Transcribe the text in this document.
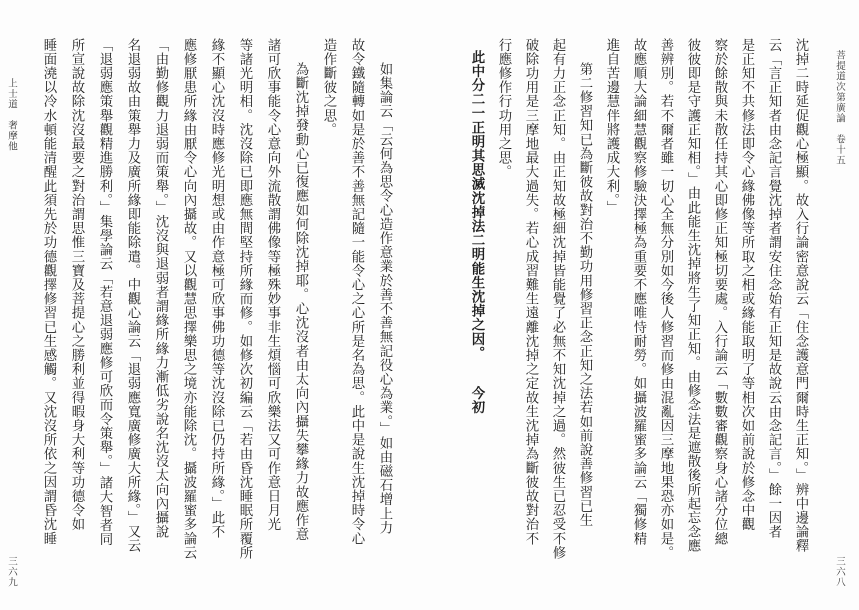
菩提道次第廣論　卷十五
三六八
沈掉二時延促觀心極顯。故入行論密意說云「住念護意門爾時生正知。」辨中邊論釋
云「言正知者由念記言覺沈掉者謂安住念始有正知是故說云由念記言。」餘一因者
是正知不共修法即令心緣佛像等所取之相或緣能取明了等相次如前說於修念中觀
察於餘散與未散任持其心即修正知極切要處。入行論云「數數審觀察身心諸分位總
彼彼即是守護正知相。」由此能生沈掉將生了知正知。由修念法是遮散後所起忘念應
善辨別。若不爾者雖一切心全無分別如今後人修習而修由混亂因三摩地果恐亦如是。
故應順大論細慧觀察修驗決擇極為重要不應唯恃耐勞。如攝波羅蜜多論云「獨修精
進自苦邊慧伴將護成大利。」
第二修習知已為斷彼故對治不勤功用修習正念正知之法若如前說善修習已生
起有力正念正知。由正知故極細沈掉皆能覺了必無不知沈掉之過。然彼生已忍受不修
破除功用是三摩地最大過失。若心成習難生遠離沈掉之定故生沈掉為斷彼故對治不
行應修作行功用之思。
此中分二一正明其思滅沈掉法二明能生沈掉之因。今初
上士道　奢摩他
三六九
如集論云「云何為思令心造作意業於善不善無記役心為業。」如由磁石增上力
故令鐵隨轉如是於善不善無記隨一能令心之心所是名為思。此中是說生沈掉時令心
造作斷彼之思。
為斷沈掉發動心已復應如何除沈掉耶。心沈沒者由太向內攝失攀緣力故應作意
諸可欣事能令心意向外流散謂佛像等極殊妙事非生煩惱可欣樂法又可作意日月光
等諸光明相。沈沒除已即應無間堅持所緣而修。如修次初編云「若由昏沈睡眠所覆所
緣不顯心沈沒時應修光明想或由作意極可欣事佛功德等沈沒除已仍持所緣。」此不
應修厭患所緣由厭令心向內攝故。又以觀慧思擇樂思之境亦能除沈。攝波羅蜜多論云
「由勤修觀力退弱而策舉。」沈沒與退弱者謂緣所緣力漸低劣說名沈沒太向內攝說
名退弱故由策舉力及廣所緣即能除遣。中觀心論云「退弱應寬廣修廣大所緣。」又云
「退弱應策舉觀精進勝利。」集學論云「若意退弱應修可欣而令策舉。」諸大智者同
所宣說故除沈沒最要之對治謂思惟三寶及菩提心之勝利並得暇身大利等功德令如
睡面澆以冷水頓能清醒此須先於功德觀擇修習已生感觸。又沈沒所依之因謂昏沈睡
